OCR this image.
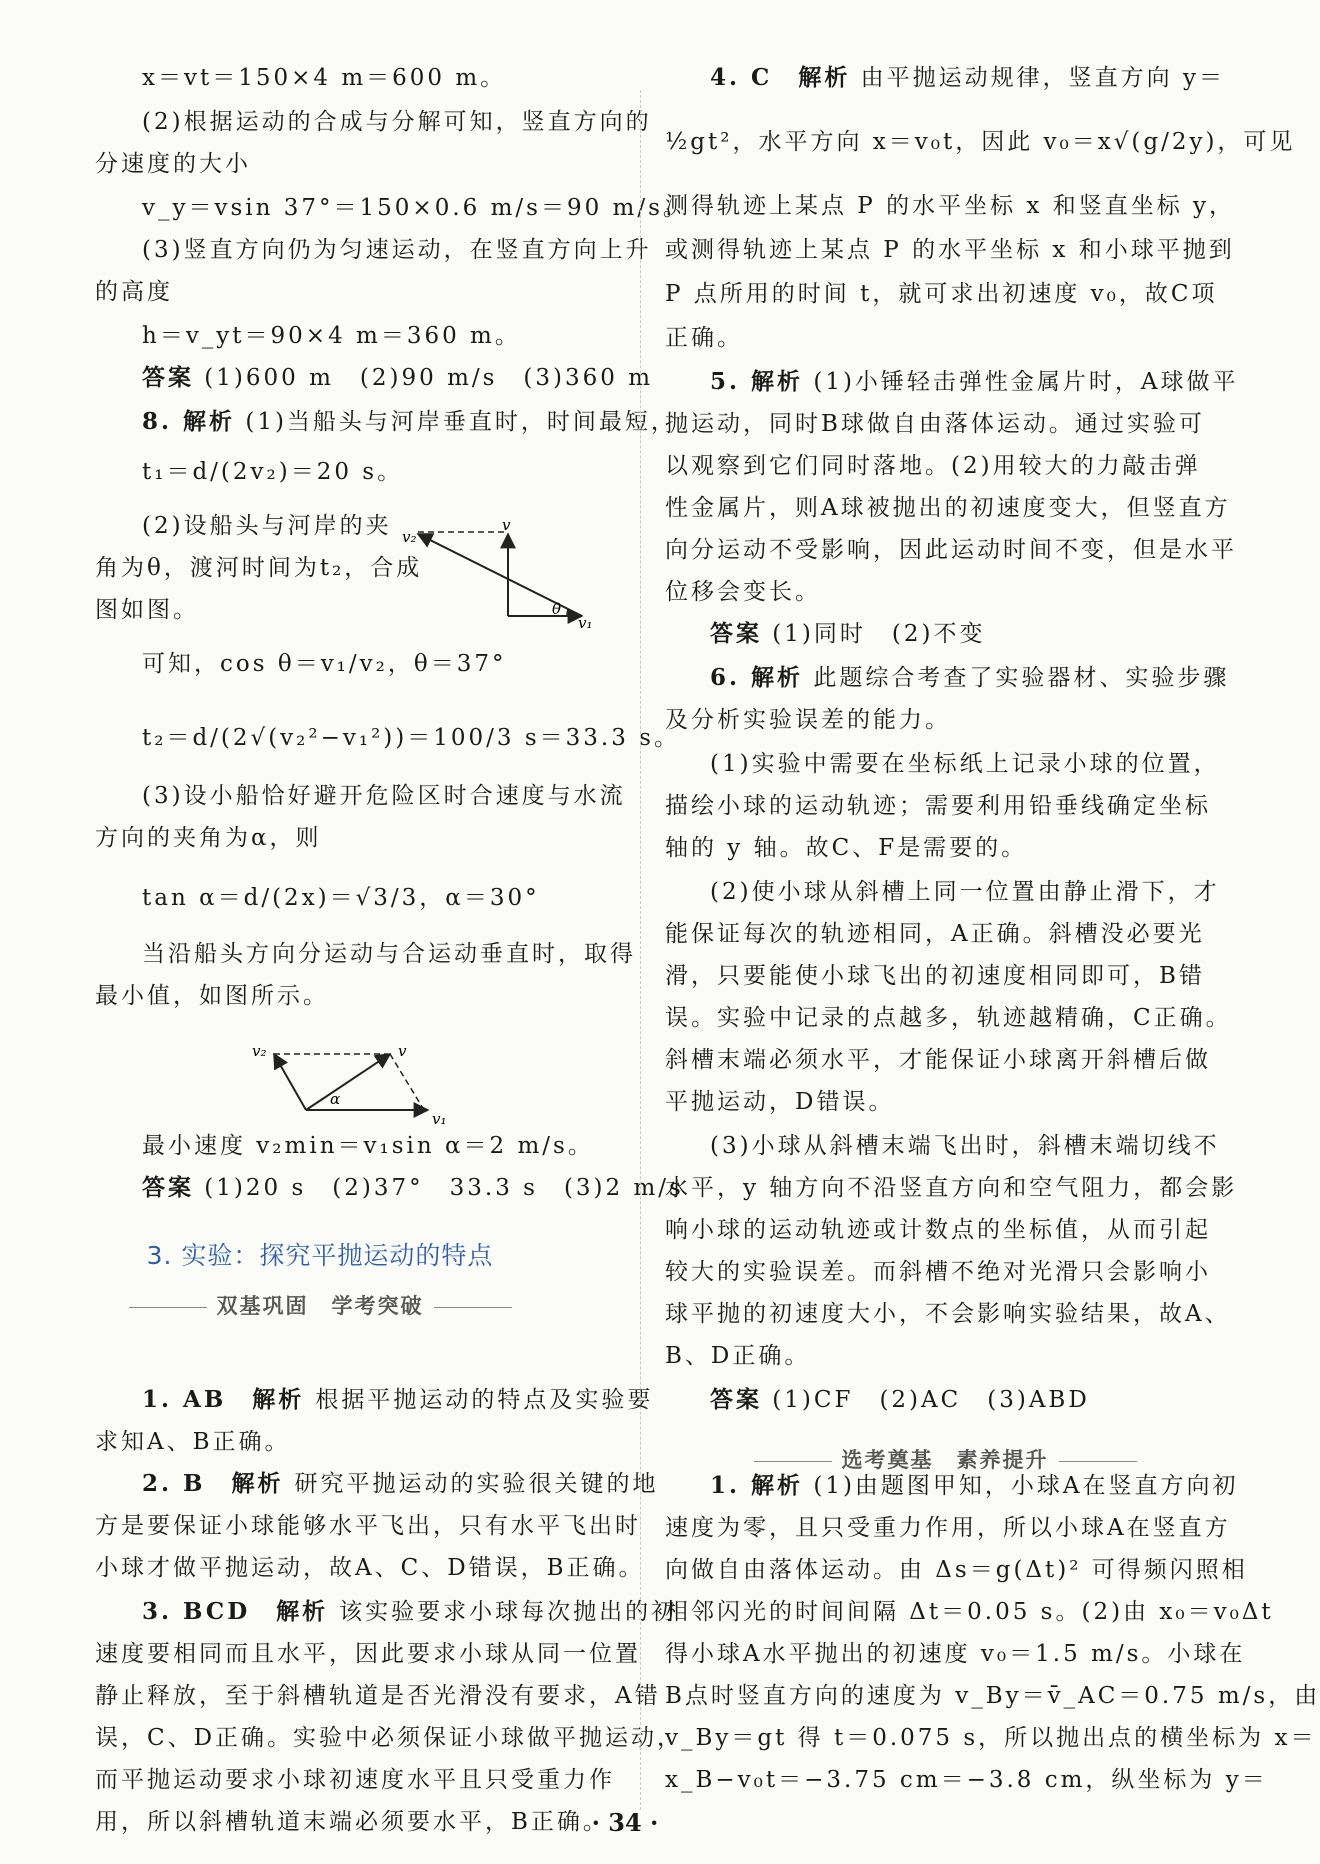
x＝vt＝150×4 m＝600 m。
(2)根据运动的合成与分解可知，竖直方向的
分速度的大小
v_y＝vsin 37°＝150×0.6 m/s＝90 m/s。
(3)竖直方向仍为匀速运动，在竖直方向上升
的高度
h＝v_yt＝90×4 m＝360 m。
答案 (1)600 m　(2)90 m/s　(3)360 m
8. 解析 (1)当船头与河岸垂直时，时间最短，
t₁＝d/(2v₂)＝20 s。
(2)设船头与河岸的夹
角为θ，渡河时间为t₂，合成
图如图。
可知，cos θ＝v₁/v₂，θ＝37°
t₂＝d/(2√(v₂²−v₁²))＝100/3 s＝33.3 s。
(3)设小船恰好避开危险区时合速度与水流
方向的夹角为α，则
tan α＝d/(2x)＝√3/3，α＝30°
当沿船头方向分运动与合运动垂直时，取得
最小值，如图所示。
最小速度 v₂min＝v₁sin α＝2 m/s。
答案 (1)20 s　(2)37°　33.3 s　(3)2 m/s
1. AB　解析 根据平抛运动的特点及实验要
求知A、B正确。
2. B　解析 研究平抛运动的实验很关键的地
方是要保证小球能够水平飞出，只有水平飞出时
小球才做平抛运动，故A、C、D错误，B正确。
3. BCD　解析 该实验要求小球每次抛出的初
速度要相同而且水平，因此要求小球从同一位置
静止释放，至于斜槽轨道是否光滑没有要求，A错
误，C、D正确。实验中必须保证小球做平抛运动，
而平抛运动要求小球初速度水平且只受重力作
用，所以斜槽轨道末端必须要水平，B正确。
4. C　解析 由平抛运动规律，竖直方向 y＝
½gt²，水平方向 x＝v₀t，因此 v₀＝x√(g/2y)，可见
测得轨迹上某点 P 的水平坐标 x 和竖直坐标 y，
或测得轨迹上某点 P 的水平坐标 x 和小球平抛到
P 点所用的时间 t，就可求出初速度 v₀，故C项
正确。
5. 解析 (1)小锤轻击弹性金属片时，A球做平
抛运动，同时B球做自由落体运动。通过实验可
以观察到它们同时落地。(2)用较大的力敲击弹
性金属片，则A球被抛出的初速度变大，但竖直方
向分运动不受影响，因此运动时间不变，但是水平
位移会变长。
答案 (1)同时　(2)不变
6. 解析 此题综合考查了实验器材、实验步骤
及分析实验误差的能力。
(1)实验中需要在坐标纸上记录小球的位置，
描绘小球的运动轨迹；需要利用铅垂线确定坐标
轴的 y 轴。故C、F是需要的。
(2)使小球从斜槽上同一位置由静止滑下，才
能保证每次的轨迹相同，A正确。斜槽没必要光
滑，只要能使小球飞出的初速度相同即可，B错
误。实验中记录的点越多，轨迹越精确，C正确。
斜槽末端必须水平，才能保证小球离开斜槽后做
平抛运动，D错误。
(3)小球从斜槽末端飞出时，斜槽末端切线不
水平，y 轴方向不沿竖直方向和空气阻力，都会影
响小球的运动轨迹或计数点的坐标值，从而引起
较大的实验误差。而斜槽不绝对光滑只会影响小
球平抛的初速度大小，不会影响实验结果，故A、
B、D正确。
答案 (1)CF　(2)AC　(3)ABD
1. 解析 (1)由题图甲知，小球A在竖直方向初
速度为零，且只受重力作用，所以小球A在竖直方
向做自由落体运动。由 Δs＝g(Δt)² 可得频闪照相
相邻闪光的时间间隔 Δt＝0.05 s。(2)由 x₀＝v₀Δt
得小球A水平抛出的初速度 v₀＝1.5 m/s。小球在
B点时竖直方向的速度为 v_By＝v̄_AC＝0.75 m/s，由
v_By＝gt 得 t＝0.075 s，所以抛出点的横坐标为 x＝
x_B−v₀t＝−3.75 cm＝−3.8 cm，纵坐标为 y＝
3. 实验：探究平抛运动的特点
双基巩固　学考突破
选考奠基　素养提升
v₂
v
θ
v₁
v₂	v
α
v₁
· 34 ·
